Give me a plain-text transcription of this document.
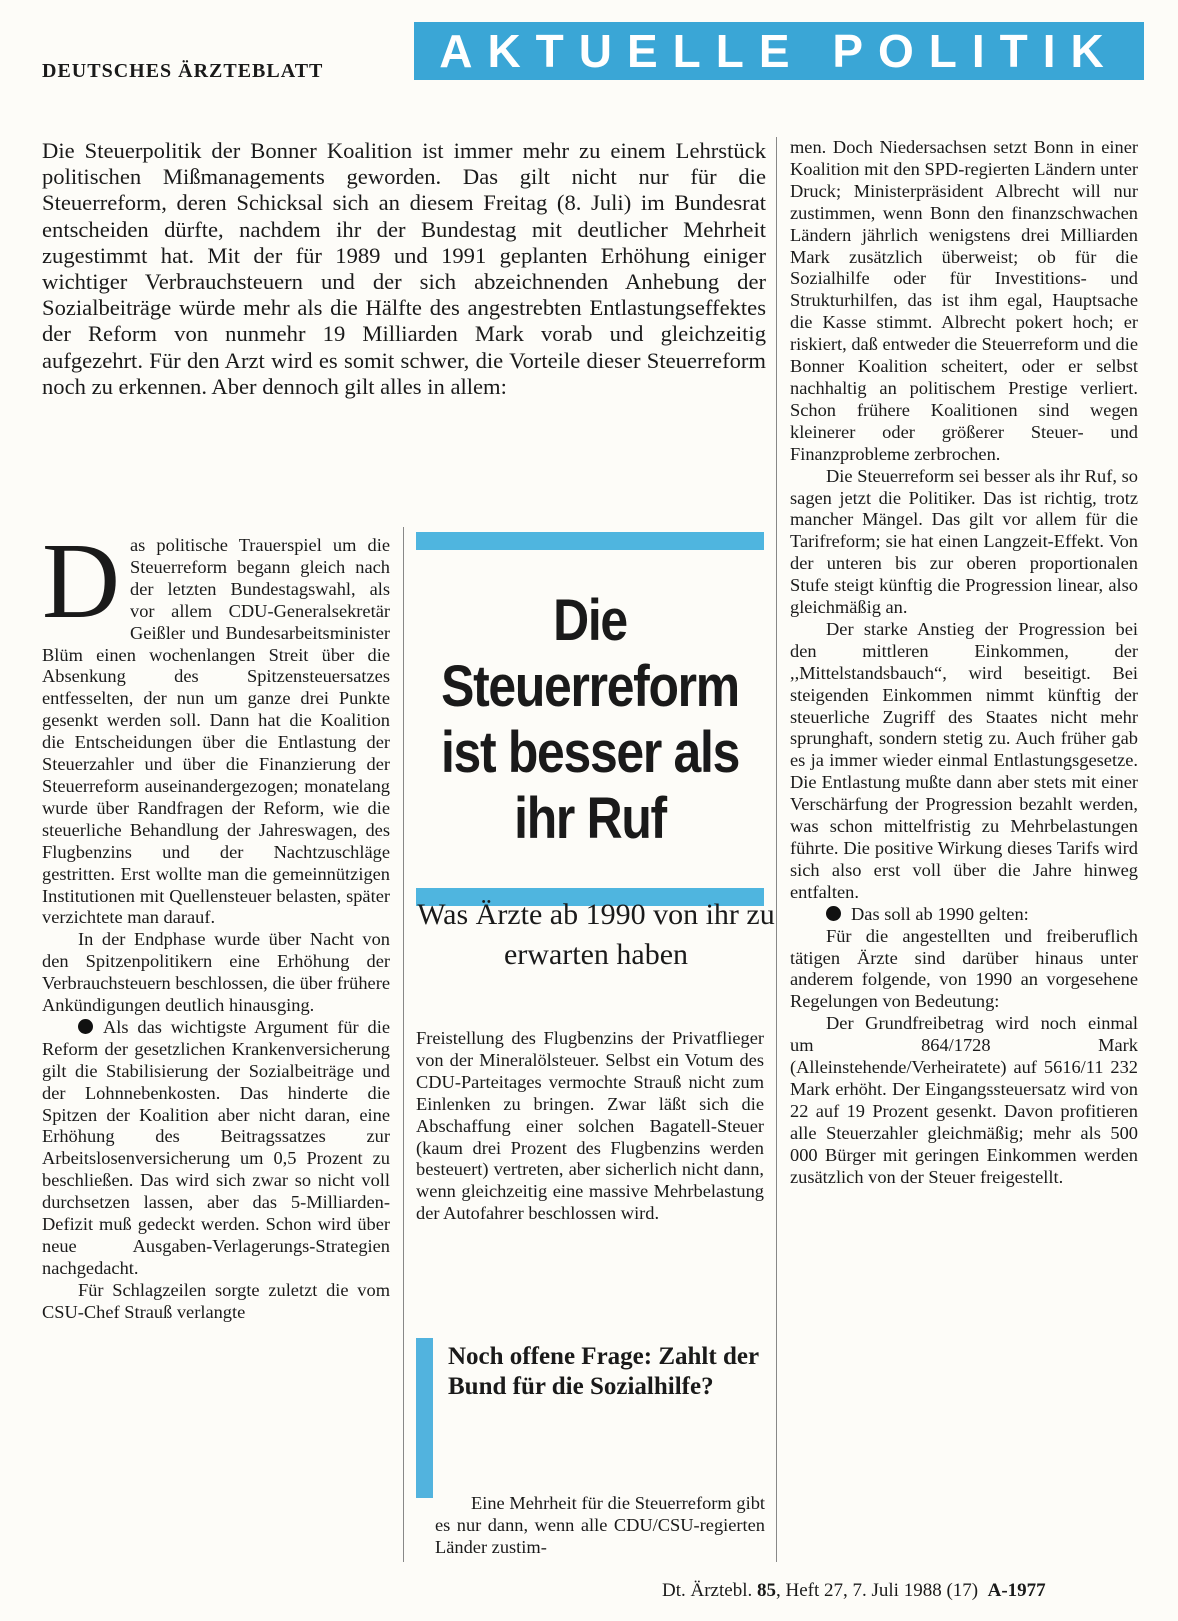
DEUTSCHES ÄRZTEBLATT	AKTUELLE POLITIK

Die Steuerpolitik der Bonner Koalition ist immer mehr zu einem Lehrstück politischen Mißmanagements geworden. Das gilt nicht nur für die Steuerreform, deren Schicksal sich an diesem Freitag (8. Juli) im Bundesrat entscheiden dürfte, nachdem ihr der Bundestag mit deutlicher Mehrheit zugestimmt hat. Mit der für 1989 und 1991 geplanten Erhöhung einiger wichtiger Verbrauchsteuern und der sich abzeichnenden Anhebung der Sozialbeiträge würde mehr als die Hälfte des angestrebten Entlastungseffektes der Reform von nunmehr 19 Milliarden Mark vorab und gleichzeitig aufgezehrt. Für den Arzt wird es somit schwer, die Vorteile dieser Steuerreform noch zu erkennen. Aber dennoch gilt alles in allem:

Das politische Trauerspiel um die Steuerreform begann gleich nach der letzten Bundestagswahl, als vor allem CDU-Generalsekretär Geißler und Bundesarbeitsminister Blüm einen wochenlangen Streit über die Absenkung des Spitzensteuersatzes entfesselten, der nun um ganze drei Punkte gesenkt werden soll. Dann hat die Koalition die Entscheidungen über die Entlastung der Steuerzahler und über die Finanzierung der Steuerreform auseinandergezogen; monatelang wurde über Randfragen der Reform, wie die steuerliche Behandlung der Jahreswagen, des Flugbenzins und der Nachtzuschläge gestritten. Erst wollte man die gemeinnützigen Institutionen mit Quellensteuer belasten, später verzichtete man darauf.

In der Endphase wurde über Nacht von den Spitzenpolitikern eine Erhöhung der Verbrauchsteuern beschlossen, die über frühere Ankündigungen deutlich hinausging.

Als das wichtigste Argument für die Reform der gesetzlichen Krankenversicherung gilt die Stabilisierung der Sozialbeiträge und der Lohnnebenkosten. Das hinderte die Spitzen der Koalition aber nicht daran, eine Erhöhung des Beitragssatzes zur Arbeitslosenversicherung um 0,5 Prozent zu beschließen. Das wird sich zwar so nicht voll durchsetzen lassen, aber das 5-Milliarden-Defizit muß gedeckt werden. Schon wird über neue Ausgaben-Verlagerungs-Strategien nachgedacht.

Für Schlagzeilen sorgte zuletzt die vom CSU-Chef Strauß verlangte

Die Steuerreform ist besser als ihr Ruf
Was Ärzte ab 1990 von ihr zu erwarten haben

Freistellung des Flugbenzins der Privatflieger von der Mineralölsteuer. Selbst ein Votum des CDU-Parteitages vermochte Strauß nicht zum Einlenken zu bringen. Zwar läßt sich die Abschaffung einer solchen Bagatell-Steuer (kaum drei Prozent des Flugbenzins werden besteuert) vertreten, aber sicherlich nicht dann, wenn gleichzeitig eine massive Mehrbelastung der Autofahrer beschlossen wird.

Noch offene Frage: Zahlt der Bund für die Sozialhilfe?

Eine Mehrheit für die Steuerreform gibt es nur dann, wenn alle CDU/CSU-regierten Länder zustim-

men. Doch Niedersachsen setzt Bonn in einer Koalition mit den SPD-regierten Ländern unter Druck; Ministerpräsident Albrecht will nur zustimmen, wenn Bonn den finanzschwachen Ländern jährlich wenigstens drei Milliarden Mark zusätzlich überweist; ob für die Sozialhilfe oder für Investitions- und Strukturhilfen, das ist ihm egal, Hauptsache die Kasse stimmt. Albrecht pokert hoch; er riskiert, daß entweder die Steuerreform und die Bonner Koalition scheitert, oder er selbst nachhaltig an politischem Prestige verliert. Schon frühere Koalitionen sind wegen kleinerer oder größerer Steuer- und Finanzprobleme zerbrochen.

Die Steuerreform sei besser als ihr Ruf, so sagen jetzt die Politiker. Das ist richtig, trotz mancher Mängel. Das gilt vor allem für die Tarifreform; sie hat einen Langzeit-Effekt. Von der unteren bis zur oberen proportionalen Stufe steigt künftig die Progression linear, also gleichmäßig an.

Der starke Anstieg der Progression bei den mittleren Einkommen, der ,,Mittelstandsbauch“, wird beseitigt. Bei steigenden Einkommen nimmt künftig der steuerliche Zugriff des Staates nicht mehr sprunghaft, sondern stetig zu. Auch früher gab es ja immer wieder einmal Entlastungsgesetze. Die Entlastung mußte dann aber stets mit einer Verschärfung der Progression bezahlt werden, was schon mittelfristig zu Mehrbelastungen führte. Die positive Wirkung dieses Tarifs wird sich also erst voll über die Jahre hinweg entfalten.

Das soll ab 1990 gelten:

Für die angestellten und freiberuflich tätigen Ärzte sind darüber hinaus unter anderem folgende, von 1990 an vorgesehene Regelungen von Bedeutung:

Der Grundfreibetrag wird noch einmal um 864/1728 Mark (Alleinstehende/Verheiratete) auf 5616/11 232 Mark erhöht. Der Eingangssteuersatz wird von 22 auf 19 Prozent gesenkt. Davon profitieren alle Steuerzahler gleichmäßig; mehr als 500 000 Bürger mit geringen Einkommen werden zusätzlich von der Steuer freigestellt.

Dt. Ärztebl. 85, Heft 27, 7. Juli 1988 (17) A-1977
